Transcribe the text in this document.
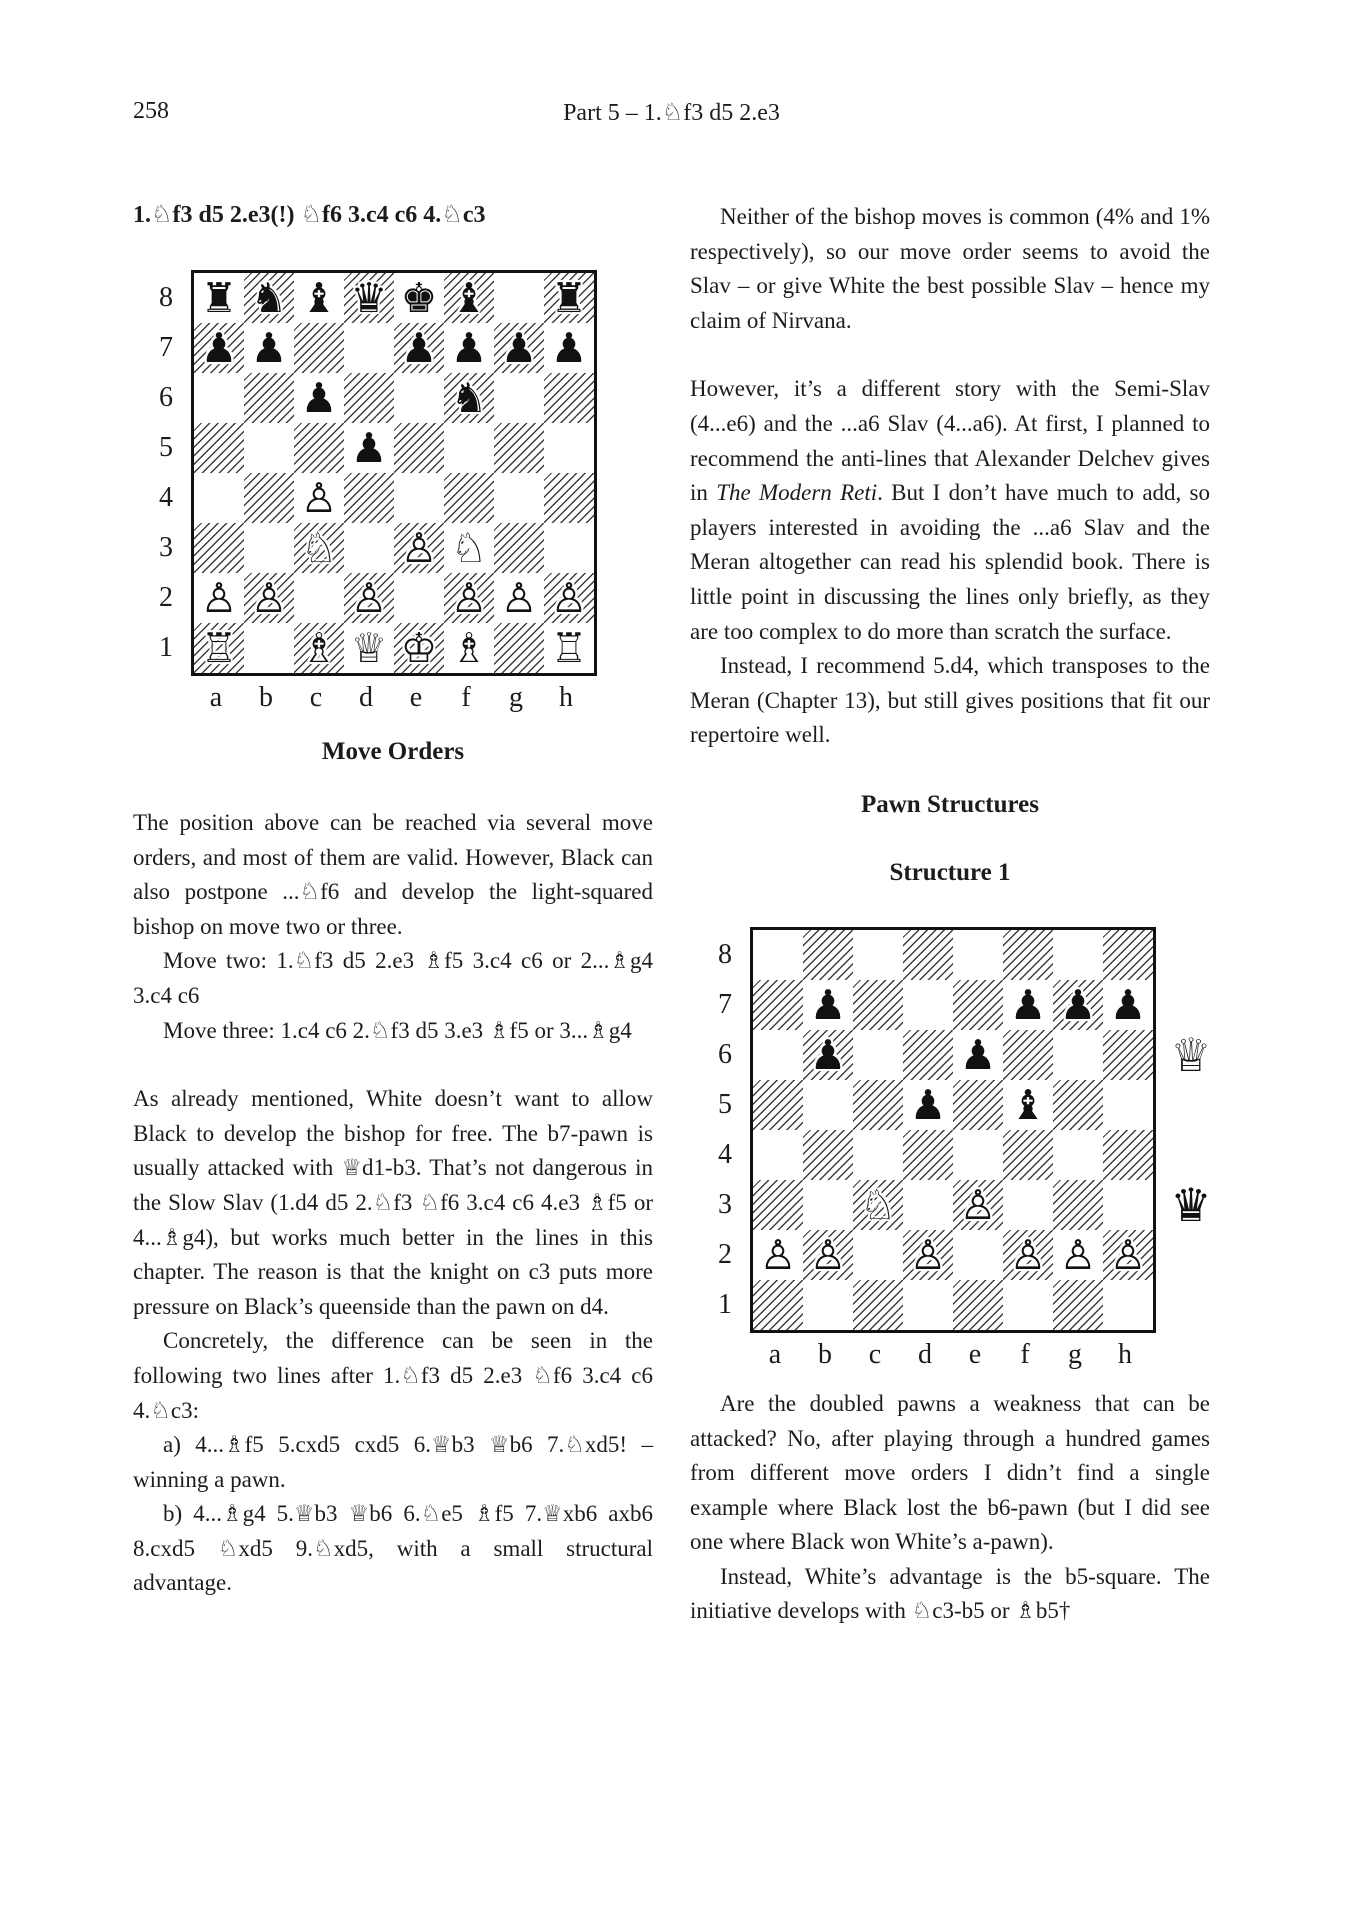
258	Part 5 – 1.♘f3 d5 2.e3

1.♘f3 d5 2.e3(!) ♘f6 3.c4 c6 4.♘c3

8
7
6
5
4
3
2
1
♜ ♞ ♝ ♛ ♚ ♝ ♜
♟ ♟	♟ ♟ ♟ ♟
♟	♞
♟
♙
♘ ♙ ♘
♙ ♙ ♙ ♙ ♙ ♙
♖ ♗ ♕ ♔ ♗ ♖
a	b	c	d	e	f	g	h
Move Orders

The position above can be reached via several move orders, and most of them are valid. However, Black can also postpone ...♘f6 and develop the light-squared bishop on move two or three.

Move two: 1.♘f3 d5 2.e3 ♗f5 3.c4 c6 or 2...♗g4 3.c4 c6

Move three: 1.c4 c6 2.♘f3 d5 3.e3 ♗f5 or 3...♗g4

As already mentioned, White doesn’t want to allow Black to develop the bishop for free. The b7-pawn is usually attacked with ♕d1-b3. That’s not dangerous in the Slow Slav (1.d4 d5 2.♘f3 ♘f6 3.c4 c6 4.e3 ♗f5 or 4...♗g4), but works much better in the lines in this chapter. The reason is that the knight on c3 puts more pressure on Black’s queenside than the pawn on d4.

Concretely, the difference can be seen in the following two lines after 1.♘f3 d5 2.e3 ♘f6 3.c4 c6 4.♘c3:

a) 4...♗f5 5.cxd5 cxd5 6.♕b3 ♕b6 7.♘xd5! – winning a pawn.

b) 4...♗g4 5.♕b3 ♕b6 6.♘e5 ♗f5 7.♕xb6 axb6 8.cxd5 ♘xd5 9.♘xd5, with a small structural advantage.

Neither of the bishop moves is common (4% and 1% respectively), so our move order seems to avoid the Slav – or give White the best possible Slav – hence my claim of Nirvana.

However, it’s a different story with the Semi-Slav (4...e6) and the ...a6 Slav (4...a6). At first, I planned to recommend the anti-lines that Alexander Delchev gives in The Modern Reti. But I don’t have much to add, so players interested in avoiding the ...a6 Slav and the Meran altogether can read his splendid book. There is little point in discussing the lines only briefly, as they are too complex to do more than scratch the surface.

Instead, I recommend 5.d4, which transposes to the Meran (Chapter 13), but still gives positions that fit our repertoire well.

Pawn Structures
Structure 1
8
7
6
5
4
3
2
1
♟	♟ ♟ ♟
♟	♟
♟ ♝
♘ ♙
♙ ♙ ♙ ♙ ♙ ♙
a	b	c	d	e	f	g	h
♕
♛

Are the doubled pawns a weakness that can be attacked? No, after playing through a hundred games from different move orders I didn’t find a single example where Black lost the b6-pawn (but I did see one where Black won White’s a-pawn).

Instead, White’s advantage is the b5-square. The initiative develops with ♘c3-b5 or ♗b5†
